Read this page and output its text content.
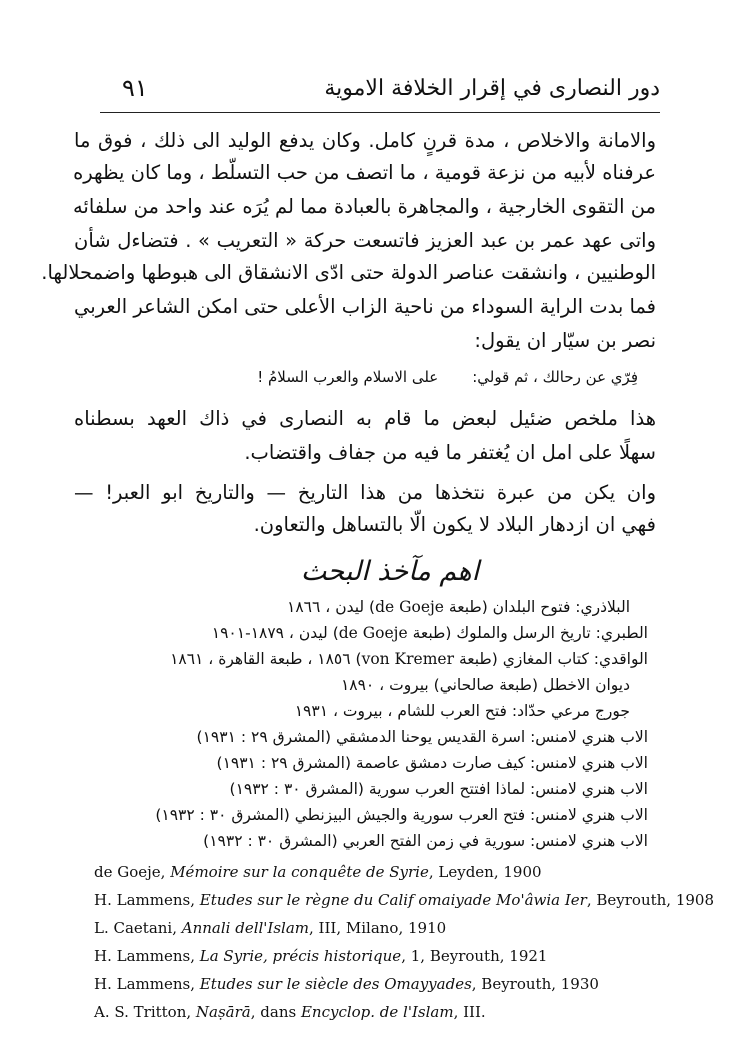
دور النصارى في إقرار الخلافة الاموية
٩١
والامانة والاخلاص ، مدة قرنٍ كامل. وكان يدفع الوليد الى ذلك ، فوق ما
عرفناه لأبيه من نزعة قومية ، ما اتصف من حب التسلّط ، وما كان يظهره
من التقوى الخارجية ، والمجاهرة بالعبادة مما لم يُرَه عند واحد من سلفائه
واتى عهد عمر بن عبد العزيز فاتسعت حركة « التعريب » . فتضاءل شأن
الوطنيين ، وانشقت عناصر الدولة حتى ادّى الانشقاق الى هبوطها واضمحلالها.
فما بدت الراية السوداء من ناحية الزاب الأعلى حتى امكن الشاعر العربي
نصر بن سيّار ان يقول:
فِرّي عن رحالك ، ثم قولي:على الاسلام والعرب السلامُ !
هذا ملخص ضئيل لبعض ما قام به النصارى في ذاك العهد بسطناه
سهلًا على امل ان يُغتفر ما فيه من جفاف واقتضاب.
وان يكن من عبرة نتخذها من هذا التاريخ — والتاريخ ابو العبر! —
فهي ان ازدهار البلاد لا يكون الّا بالتساهل والتعاون.
اهم مآخذ البحث
البلاذري: فتوح البلدان (طبعة de Goeje) ليدن ، ١٨٦٦
الطبري: تاريخ الرسل والملوك (طبعة de Goeje) ليدن ، ١٨٧٩-١٩٠١
الواقدي: كتاب المغازي (طبعة von Kremer) ١٨٥٦ ، طبعة القاهرة ، ١٨٦١
ديوان الاخطل (طبعة صالحاني) بيروت ، ١٨٩٠
جورج مرعي حدّاد: فتح العرب للشام ، بيروت ، ١٩٣١
الاب هنري لامنس: اسرة القديس يوحنا الدمشقي (المشرق ٢٩ : ١٩٣١)
الاب هنري لامنس: كيف صارت دمشق عاصمة (المشرق ٢٩ : ١٩٣١)
الاب هنري لامنس: لماذا افتتح العرب سورية (المشرق ٣٠ : ١٩٣٢)
الاب هنري لامنس: فتح العرب سورية والجيش البيزنطي (المشرق ٣٠ : ١٩٣٢)
الاب هنري لامنس: سورية في زمن الفتح العربي (المشرق ٣٠ : ١٩٣٢)
de Goeje, Mémoire sur la conquête de Syrie, Leyden, 1900
H. Lammens, Etudes sur le règne du Calif omaiyade Mo'âwia Ier, Beyrouth, 1908
L. Caetani, Annali dell'Islam, III, Milano, 1910
H. Lammens, La Syrie, précis historique, 1, Beyrouth, 1921
H. Lammens, Etudes sur le siècle des Omayyades, Beyrouth, 1930
A. S. Tritton, Naṣārā, dans Encyclop. de l'Islam, III.
